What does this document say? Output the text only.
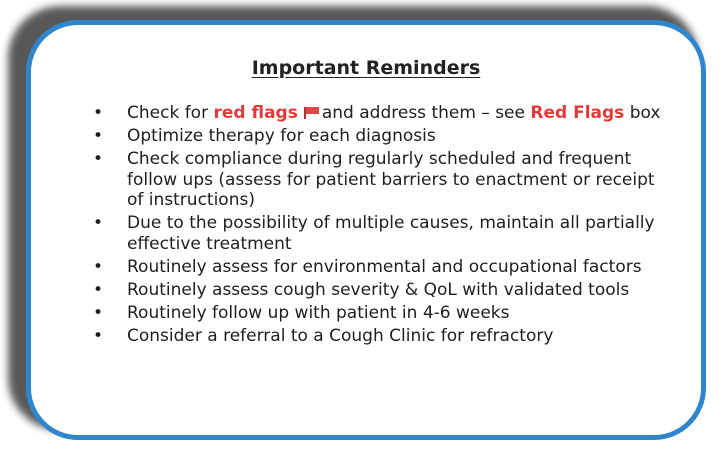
Important Reminders
• Check for red flags and address them – see Red Flags box
• Optimize therapy for each diagnosis
• Check compliance during regularly scheduled and frequent follow ups (assess for patient barriers to enactment or receipt of instructions)
• Due to the possibility of multiple causes, maintain all partially effective treatment
• Routinely assess for environmental and occupational factors
• Routinely assess cough severity & QoL with validated tools
• Routinely follow up with patient in 4-6 weeks
• Consider a referral to a Cough Clinic for refractory
